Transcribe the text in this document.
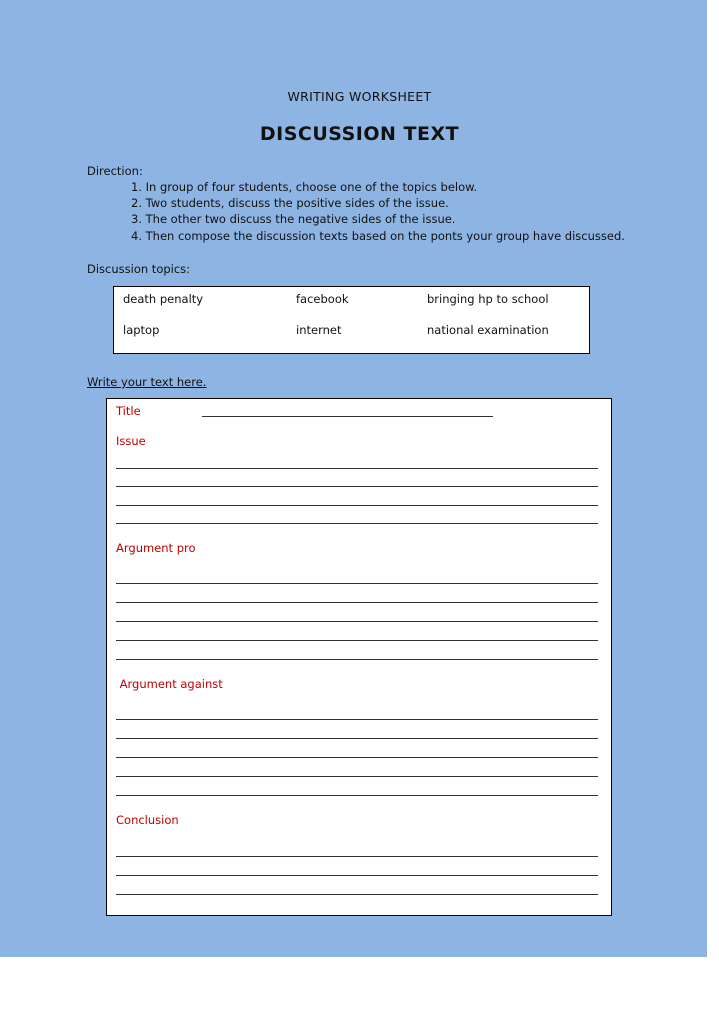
WRITING WORKSHEET
DISCUSSION TEXT
Direction:
1. In group of four students, choose one of the topics below.
2. Two students, discuss the positive sides of the issue.
3. The other two discuss the negative sides of the issue.
4. Then compose the discussion texts based on the ponts your group have discussed.
Discussion topics:
death penalty	facebook	bringing hp to school
laptop	internet	national examination
Write your text here.
Title
Issue
Argument pro
Argument against
Conclusion
